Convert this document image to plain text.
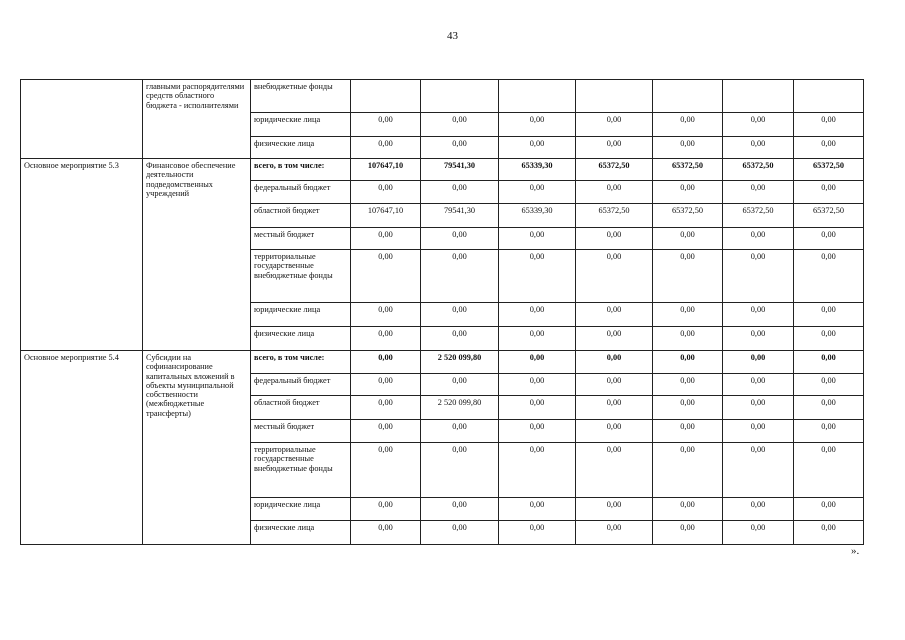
43
	главными распорядителями средств областного бюджета - исполнителями	внебюджетные фонды							
		юридические лица	0,00	0,00	0,00	0,00	0,00	0,00	0,00
		физические лица	0,00	0,00	0,00	0,00	0,00	0,00	0,00
Основное мероприятие 5.3	Финансовое обеспечение деятельности подведомственных учреждений	всего, в том числе:	107647,10	79541,30	65339,30	65372,50	65372,50	65372,50	65372,50
		федеральный бюджет	0,00	0,00	0,00	0,00	0,00	0,00	0,00
		областной бюджет	107647,10	79541,30	65339,30	65372,50	65372,50	65372,50	65372,50
		местный бюджет	0,00	0,00	0,00	0,00	0,00	0,00	0,00
		территориальные государственные внебюджетные фонды	0,00	0,00	0,00	0,00	0,00	0,00	0,00
		юридические лица	0,00	0,00	0,00	0,00	0,00	0,00	0,00
		физические лица	0,00	0,00	0,00	0,00	0,00	0,00	0,00
Основное мероприятие 5.4	Субсидии на софинансирование капитальных вложений в объекты муниципальной собственности (межбюджетные трансферты)	всего, в том числе:	0,00	2 520 099,80	0,00	0,00	0,00	0,00	0,00
		федеральный бюджет	0,00	0,00	0,00	0,00	0,00	0,00	0,00
		областной бюджет	0,00	2 520 099,80	0,00	0,00	0,00	0,00	0,00
		местный бюджет	0,00	0,00	0,00	0,00	0,00	0,00	0,00
		территориальные государственные внебюджетные фонды	0,00	0,00	0,00	0,00	0,00	0,00	0,00
		юридические лица	0,00	0,00	0,00	0,00	0,00	0,00	0,00
		физические лица	0,00	0,00	0,00	0,00	0,00	0,00	0,00
».
